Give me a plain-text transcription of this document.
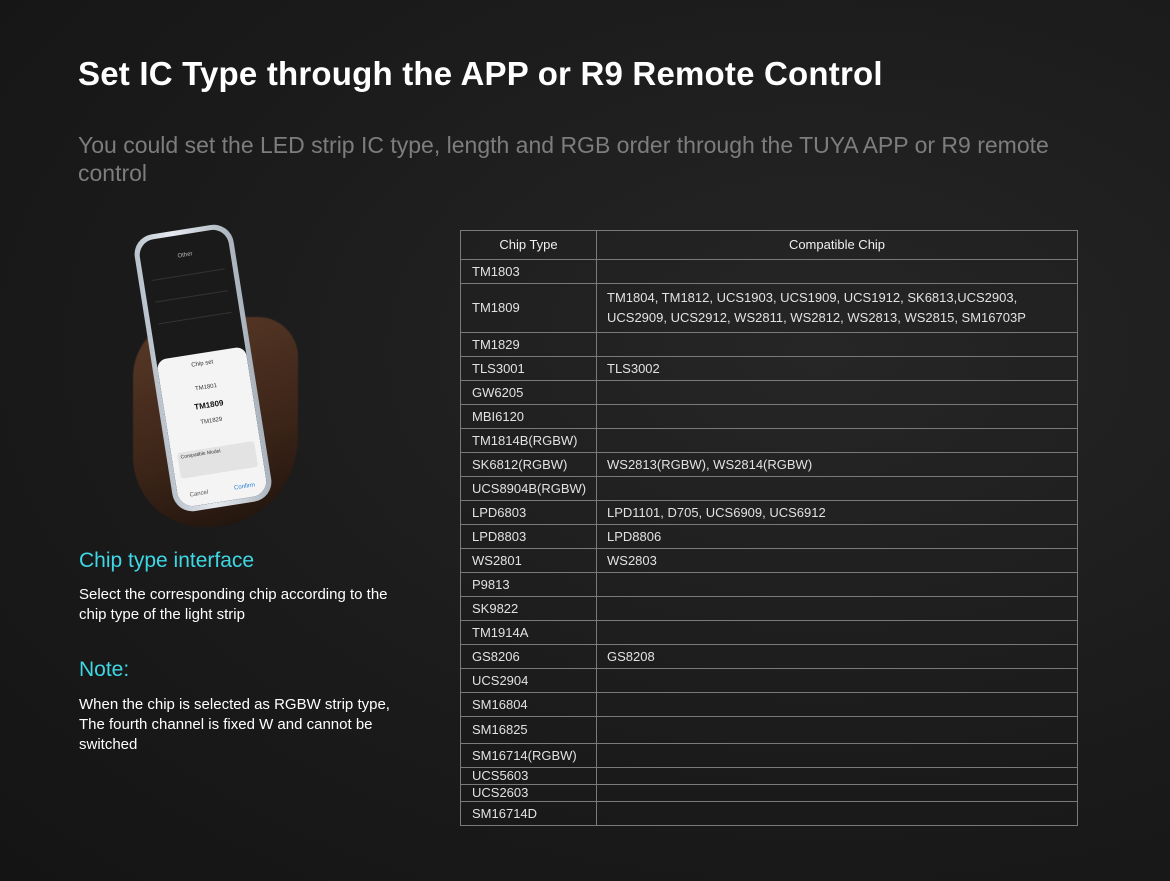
Set IC Type through the APP or R9 Remote Control

You could set the LED strip IC type, length and RGB order through the TUYA APP or R9 remote control

Other
Chip set
TM1801
TM1809
TM1829
Compatible Model
Cancel
Confirm
Chip type interface

Select the corresponding chip according to the chip type of the light strip

Note:

When the chip is selected as RGBW strip type, The fourth channel is fixed W and cannot be switched

Chip Type	Compatible Chip
TM1803	
TM1809	TM1804, TM1812, UCS1903, UCS1909, UCS1912, SK6813,UCS2903, UCS2909, UCS2912, WS2811, WS2812, WS2813, WS2815, SM16703P
TM1829	
TLS3001	TLS3002
GW6205	
MBI6120	
TM1814B(RGBW)	
SK6812(RGBW)	WS2813(RGBW), WS2814(RGBW)
UCS8904B(RGBW)	
LPD6803	LPD1101, D705, UCS6909, UCS6912
LPD8803	LPD8806
WS2801	WS2803
P9813	
SK9822	
TM1914A	
GS8206	GS8208
UCS2904	
SM16804	
SM16825	
SM16714(RGBW)	
UCS5603	
UCS2603	
SM16714D	
